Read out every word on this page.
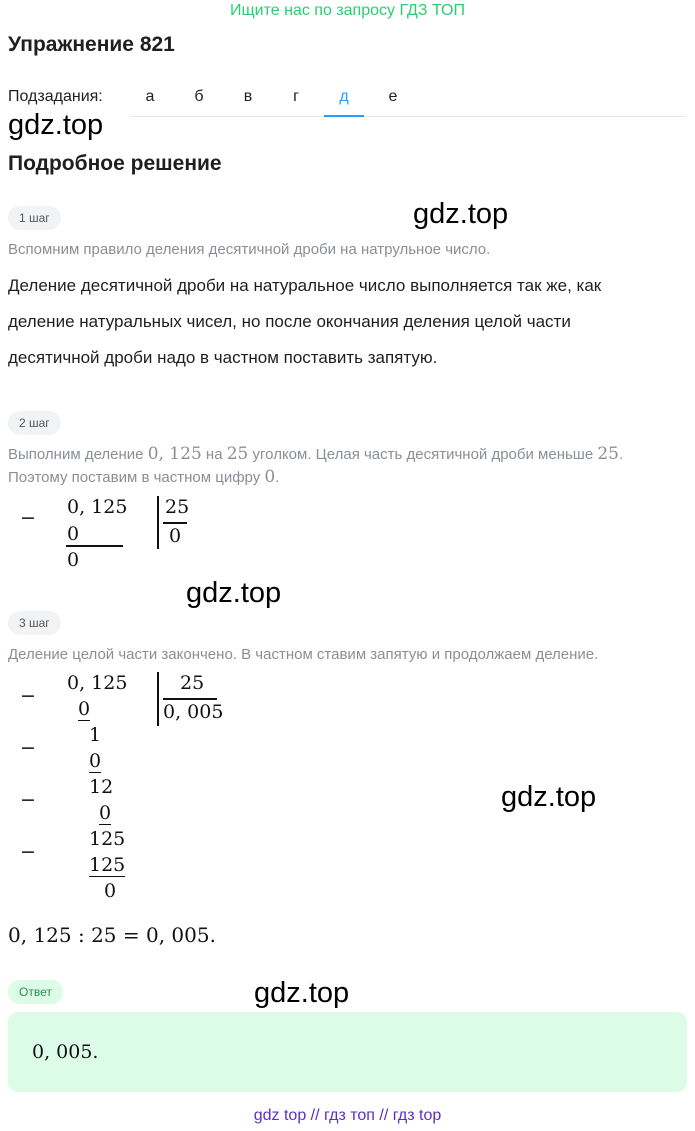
Ищите нас по запросу ГДЗ ТОП
Упражнение 821
Подзадания:	а	б	в	г	д	е
gdz.top
gdz.top
gdz.top
gdz.top
gdz.top
Подробное решение
1 шаг
Вспомним правило деления десятичной дроби на натрульное число.
Деление десятичной дроби на натуральное число выполняется так же, как
деление натуральных чисел, но после окончания деления целой части
десятичной дроби надо в частном поставить запятую.
2 шаг
Выполним деление 0, 125 на 25 уголком. Целая часть десятичной дроби меньше 25.
Поэтому поставим в частном цифру 0.
− 0, 125
0
0
25
0
3 шаг
Деление целой части закончено. В частном ставим запятую и продолжаем деление.
−
0, 125	25
0, 005
0
−
1
0
−
12
0
−
125
125
0
0, 125 : 25 = 0, 005.
Ответ
0, 005.
gdz top // гдз топ // гдз top
